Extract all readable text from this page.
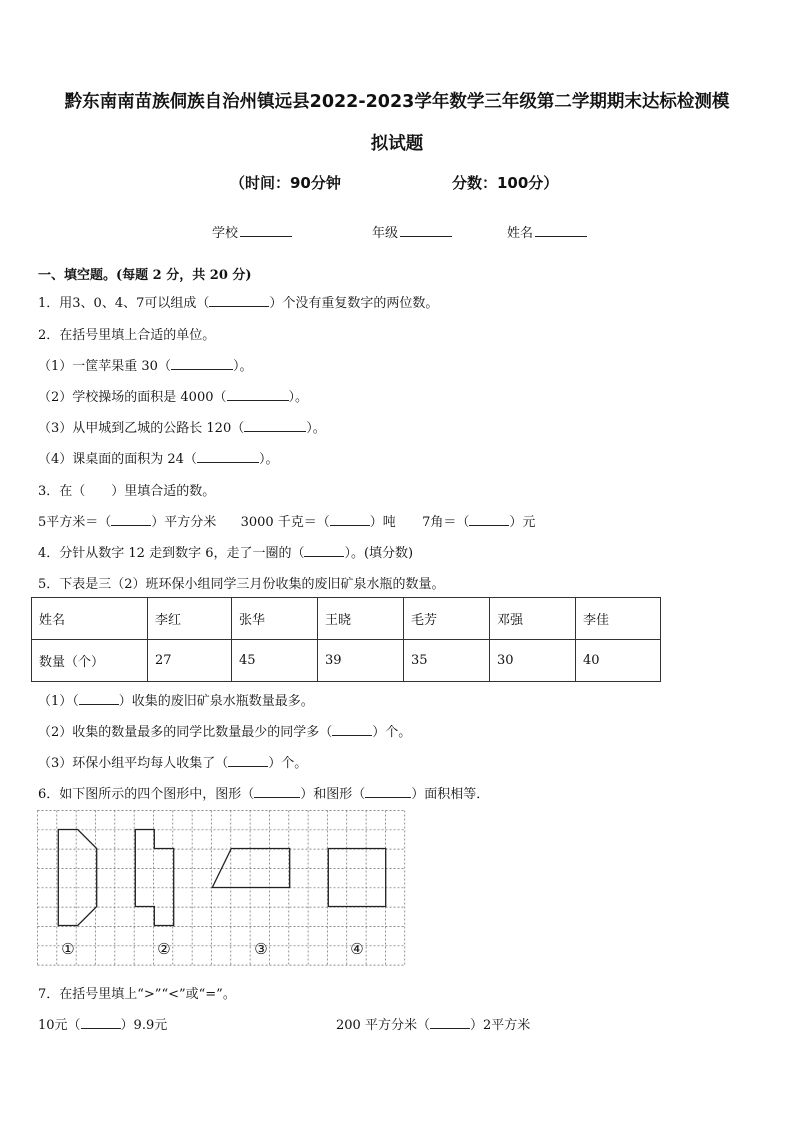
黔东南南苗族侗族自治州镇远县2022-2023学年数学三年级第二学期期末达标检测模
拟试题
（时间：90分钟	分数：100分）
学校	年级	姓名
一、填空题。(每题 2 分，共 20 分)
1．用3、0、4、7可以组成（	）个没有重复数字的两位数。
2．在括号里填上合适的单位。
（1）一筐苹果重 30（	）。
（2）学校操场的面积是 4000（	）。
（3）从甲城到乙城的公路长 120（	）。
（4）课桌面的面积为 24（	）。
3．在（　　）里填合适的数。
5平方米＝（	）平方分米 3000 千克＝（	）吨 7角＝（	）元
4．分针从数字 12 走到数字 6，走了一圈的（	）。(填分数)
5．下表是三（2）班环保小组同学三月份收集的废旧矿泉水瓶的数量。
姓名	李红	张华	王晓	毛芳	邓强	李佳
数量（个）	27	45	39	35	30	40
（1）（	）收集的废旧矿泉水瓶数量最多。
（2）收集的数量最多的同学比数量最少的同学多（	）个。
（3）环保小组平均每人收集了（	）个。
6．如下图所示的四个图形中，图形（	）和图形（	）面积相等．
①	②	③	④
7．在括号里填上“>”“<”或“=”。
10元（	）9.9元	200 平方分米（	）2平方米
